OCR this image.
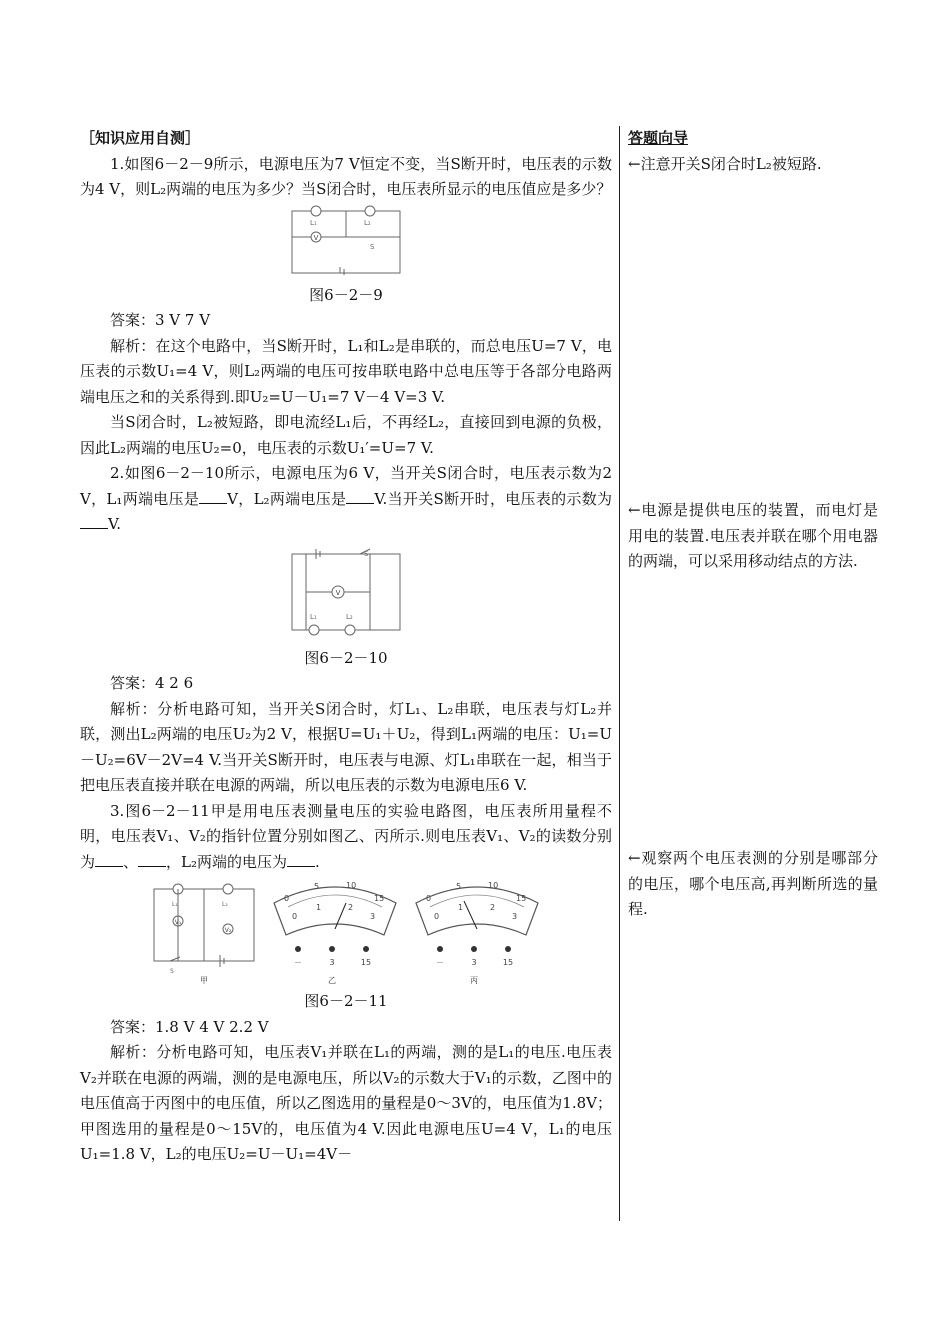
［知识应用自测］

1.如图6－2－9所示，电源电压为7 V恒定不变，当S断开时，电压表的示数为4 V，则L₂两端的电压为多少？当S闭合时，电压表所显示的电压值应是多少？

V
L₁	L₂
S

图6－2－9

答案：3 V 7 V

解析：在这个电路中，当S断开时，L₁和L₂是串联的，而总电压U=7 V，电压表的示数U₁=4 V，则L₂两端的电压可按串联电路中总电压等于各部分电路两端电压之和的关系得到.即U₂=U－U₁=7 V－4 V=3 V.

当S闭合时，L₂被短路，即电流经L₁后，不再经L₂，直接回到电源的负极，因此L₂两端的电压U₂=0，电压表的示数U₁′=U=7 V.

2.如图6－2－10所示，电源电压为6 V，当开关S闭合时，电压表示数为2 V，L₁两端电压是 V，L₂两端电压是 V.当开关S断开时，电压表的示数为V.

V
L₁	L₂
S

图6－2－10

答案：4 2 6

解析：分析电路可知，当开关S闭合时，灯L₁、L₂串联，电压表与灯L₂并联，测出L₂两端的电压U₂为2 V，根据U=U₁＋U₂，得到L₁两端的电压：U₁=U－U₂=6V－2V=4 V.当开关S断开时，电压表与电源、灯L₁串联在一起，相当于把电压表直接并联在电源的两端，所以电压表的示数为电源电压6 V.

3.图6－2－11甲是用电压表测量电压的实验电路图，电压表所用量程不明，电压表V₁、V₂的指针位置分别如图乙、丙所示.则电压表V₁、V₂的读数分别为 、 ，L₂两端的电压为 .

V₁
V₂
L₁	L₂
S
甲
0
5	10
15
0
1	2
3
－	3	15
乙
0
5	10
15
0
1	2
3
－	3	15
丙

图6－2－11

答案：1.8 V 4 V 2.2 V

解析：分析电路可知，电压表V₁并联在L₁的两端，测的是L₁的电压.电压表V₂并联在电源的两端，测的是电源电压，所以V₂的示数大于V₁的示数，乙图中的电压值高于丙图中的电压值，所以乙图选用的量程是0～3V的，电压值为1.8V；甲图选用的量程是0～15V的，电压值为4 V.因此电源电压U=4 V，L₁的电压U₁=1.8 V，L₂的电压U₂=U－U₁=4V－

答题向导

←注意开关S闭合时L₂被短路.

←电源是提供电压的装置，而电灯是用电的装置.电压表并联在哪个用电器的两端，可以采用移动结点的方法.

←观察两个电压表测的分别是哪部分的电压，哪个电压高,再判断所选的量程.
